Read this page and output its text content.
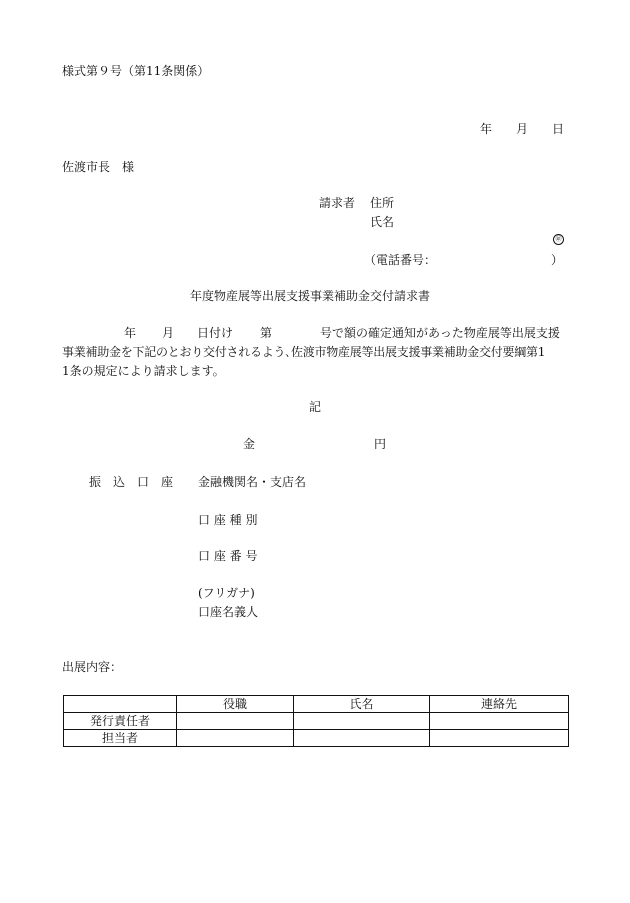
様式第９号（第11条関係）
年 月 日
佐渡市長　様
請求者 住所
氏名
㊞
（電話番号：	）
年度物産展等出展支援事業補助金交付請求書
年 月 日付け 第	号で額の確定通知があった物産展等出展支援
事業補助金を下記のとおり交付されるよう､佐渡市物産展等出展支援事業補助金交付要綱第1
1条の規定により請求します。
記
金	円
振　込　口　座 金融機関名・支店名
口 座 種 別
口 座 番 号
(フリガナ)
口座名義人
出展内容：
	役職	氏名	連絡先
発行責任者			
担当者			
